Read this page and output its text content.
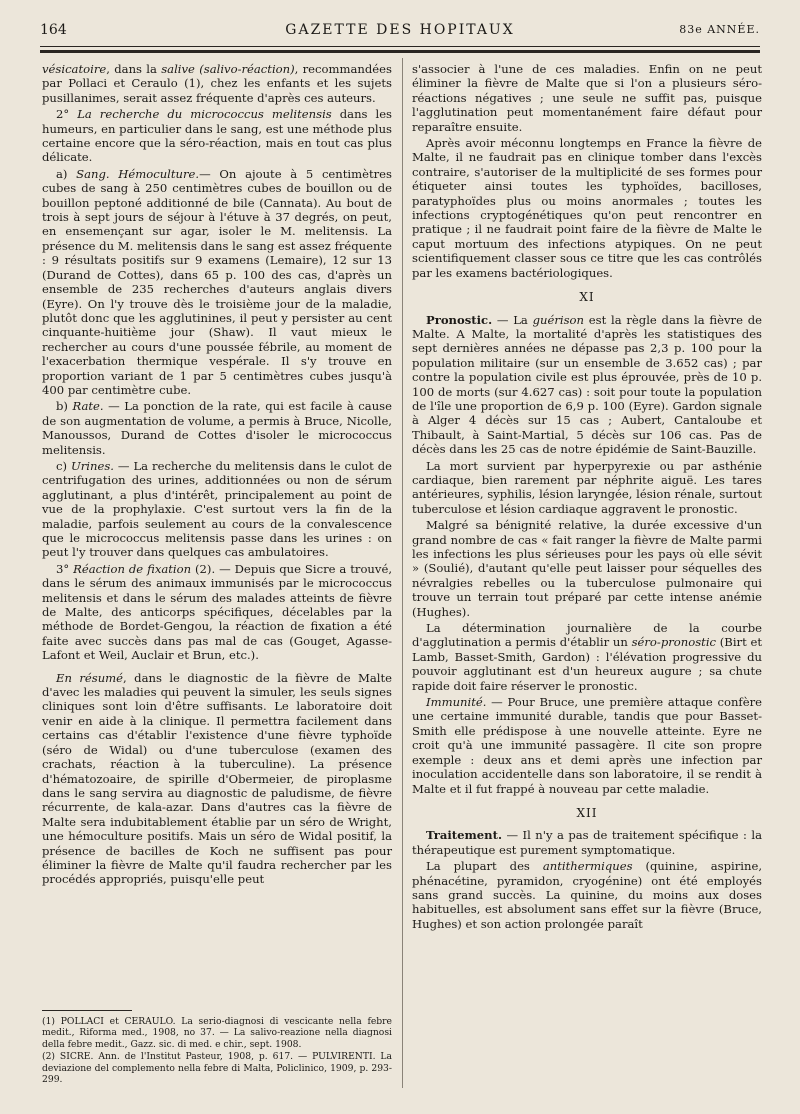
164	GAZETTE DES HOPITAUX	83e ANNÉE.

vésicatoire, dans la salive (salivo-réaction), recommandées par Pollaci et Ceraulo (1), chez les enfants et les sujets pusillanimes, serait assez fréquente d'après ces auteurs.

2° La recherche du micrococcus melitensis dans les humeurs, en particulier dans le sang, est une méthode plus certaine encore que la séro-réaction, mais en tout cas plus délicate.

a) Sang. Hémoculture.— On ajoute à 5 centimètres cubes de sang à 250 centimètres cubes de bouillon ou de bouillon peptoné additionné de bile (Cannata). Au bout de trois à sept jours de séjour à l'étuve à 37 degrés, on peut, en ensemençant sur agar, isoler le M. melitensis. La présence du M. melitensis dans le sang est assez fréquente : 9 résultats positifs sur 9 examens (Lemaire), 12 sur 13 (Durand de Cottes), dans 65 p. 100 des cas, d'après un ensemble de 235 recherches d'auteurs anglais divers (Eyre). On l'y trouve dès le troisième jour de la maladie, plutôt donc que les agglutinines, il peut y persister au cent cinquante-huitième jour (Shaw). Il vaut mieux le rechercher au cours d'une poussée fébrile, au moment de l'exacerbation thermique vespérale. Il s'y trouve en proportion variant de 1 par 5 centimètres cubes jusqu'à 400 par centimètre cube.

b) Rate. — La ponction de la rate, qui est facile à cause de son augmentation de volume, a permis à Bruce, Nicolle, Manoussos, Durand de Cottes d'isoler le micrococcus melitensis.

c) Urines. — La recherche du melitensis dans le culot de centrifugation des urines, additionnées ou non de sérum agglutinant, a plus d'intérêt, principalement au point de vue de la prophylaxie. C'est surtout vers la fin de la maladie, parfois seulement au cours de la convalescence que le micrococcus melitensis passe dans les urines : on peut l'y trouver dans quelques cas ambulatoires.

3° Réaction de fixation (2). — Depuis que Sicre a trouvé, dans le sérum des animaux immunisés par le micrococcus melitensis et dans le sérum des malades atteints de fièvre de Malte, des anticorps spécifiques, décelables par la méthode de Bordet-Gengou, la réaction de fixation a été faite avec succès dans pas mal de cas (Gouget, Agasse-Lafont et Weil, Auclair et Brun, etc.).

En résumé, dans le diagnostic de la fièvre de Malte d'avec les maladies qui peuvent la simuler, les seuls signes cliniques sont loin d'être suffisants. Le laboratoire doit venir en aide à la clinique. Il permettra facilement dans certains cas d'établir l'existence d'une fièvre typhoïde (séro de Widal) ou d'une tuberculose (examen des crachats, réaction à la tuberculine). La présence d'hématozoaire, de spirille d'Obermeier, de piroplasme dans le sang servira au diagnostic de paludisme, de fièvre récurrente, de kala-azar. Dans d'autres cas la fièvre de Malte sera indubitablement établie par un séro de Wright, une hémoculture positifs. Mais un séro de Widal positif, la présence de bacilles de Koch ne suffisent pas pour éliminer la fièvre de Malte qu'il faudra rechercher par les procédés appropriés, puisqu'elle peut

(1) POLLACI et CERAULO. La serio-diagnosi di vescicante nella febre medit., Riforma med., 1908, no 37. — La salivo-reazione nella diagnosi della febre medit., Gazz. sic. di med. e chir., sept. 1908.

(2) SICRE. Ann. de l'Institut Pasteur, 1908, p. 617. — PULVIRENTI. La deviazione del complemento nella febre di Malta, Policlinico, 1909, p. 293-299.

s'associer à l'une de ces maladies. Enfin on ne peut éliminer la fièvre de Malte que si l'on a plusieurs séro-réactions négatives ; une seule ne suffit pas, puisque l'agglutination peut momentanément faire défaut pour reparaître ensuite.

Après avoir méconnu longtemps en France la fièvre de Malte, il ne faudrait pas en clinique tomber dans l'excès contraire, s'autoriser de la multiplicité de ses formes pour étiqueter ainsi toutes les typhoïdes, bacilloses, paratyphoïdes plus ou moins anormales ; toutes les infections cryptogénétiques qu'on peut rencontrer en pratique ; il ne faudrait point faire de la fièvre de Malte le caput mortuum des infections atypiques. On ne peut scientifiquement classer sous ce titre que les cas contrôlés par les examens bactériologiques.

XI

Pronostic. — La guérison est la règle dans la fièvre de Malte. A Malte, la mortalité d'après les statistiques des sept dernières années ne dépasse pas 2,3 p. 100 pour la population militaire (sur un ensemble de 3.652 cas) ; par contre la population civile est plus éprouvée, près de 10 p. 100 de morts (sur 4.627 cas) : soit pour toute la population de l'île une proportion de 6,9 p. 100 (Eyre). Gardon signale à Alger 4 décès sur 15 cas ; Aubert, Cantaloube et Thibault, à Saint-Martial, 5 décès sur 106 cas. Pas de décès dans les 25 cas de notre épidémie de Saint-Bauzille.

La mort survient par hyperpyrexie ou par asthénie cardiaque, bien rarement par néphrite aiguë. Les tares antérieures, syphilis, lésion laryngée, lésion rénale, surtout tuberculose et lésion cardiaque aggravent le pronostic.

Malgré sa bénignité relative, la durée excessive d'un grand nombre de cas « fait ranger la fièvre de Malte parmi les infections les plus sérieuses pour les pays où elle sévit » (Soulié), d'autant qu'elle peut laisser pour séquelles des névralgies rebelles ou la tuberculose pulmonaire qui trouve un terrain tout préparé par cette intense anémie (Hughes).

La détermination journalière de la courbe d'agglutination a permis d'établir un séro-pronostic (Birt et Lamb, Basset-Smith, Gardon) : l'élévation progressive du pouvoir agglutinant est d'un heureux augure ; sa chute rapide doit faire réserver le pronostic.

Immunité. — Pour Bruce, une première attaque confère une certaine immunité durable, tandis que pour Basset-Smith elle prédispose à une nouvelle atteinte. Eyre ne croit qu'à une immunité passagère. Il cite son propre exemple : deux ans et demi après une infection par inoculation accidentelle dans son laboratoire, il se rendit à Malte et il fut frappé à nouveau par cette maladie.

XII

Traitement. — Il n'y a pas de traitement spécifique : la thérapeutique est purement symptomatique.

La plupart des antithermiques (quinine, aspirine, phénacétine, pyramidon, cryogénine) ont été employés sans grand succès. La quinine, du moins aux doses habituelles, est absolument sans effet sur la fièvre (Bruce, Hughes) et son action prolongée paraît
